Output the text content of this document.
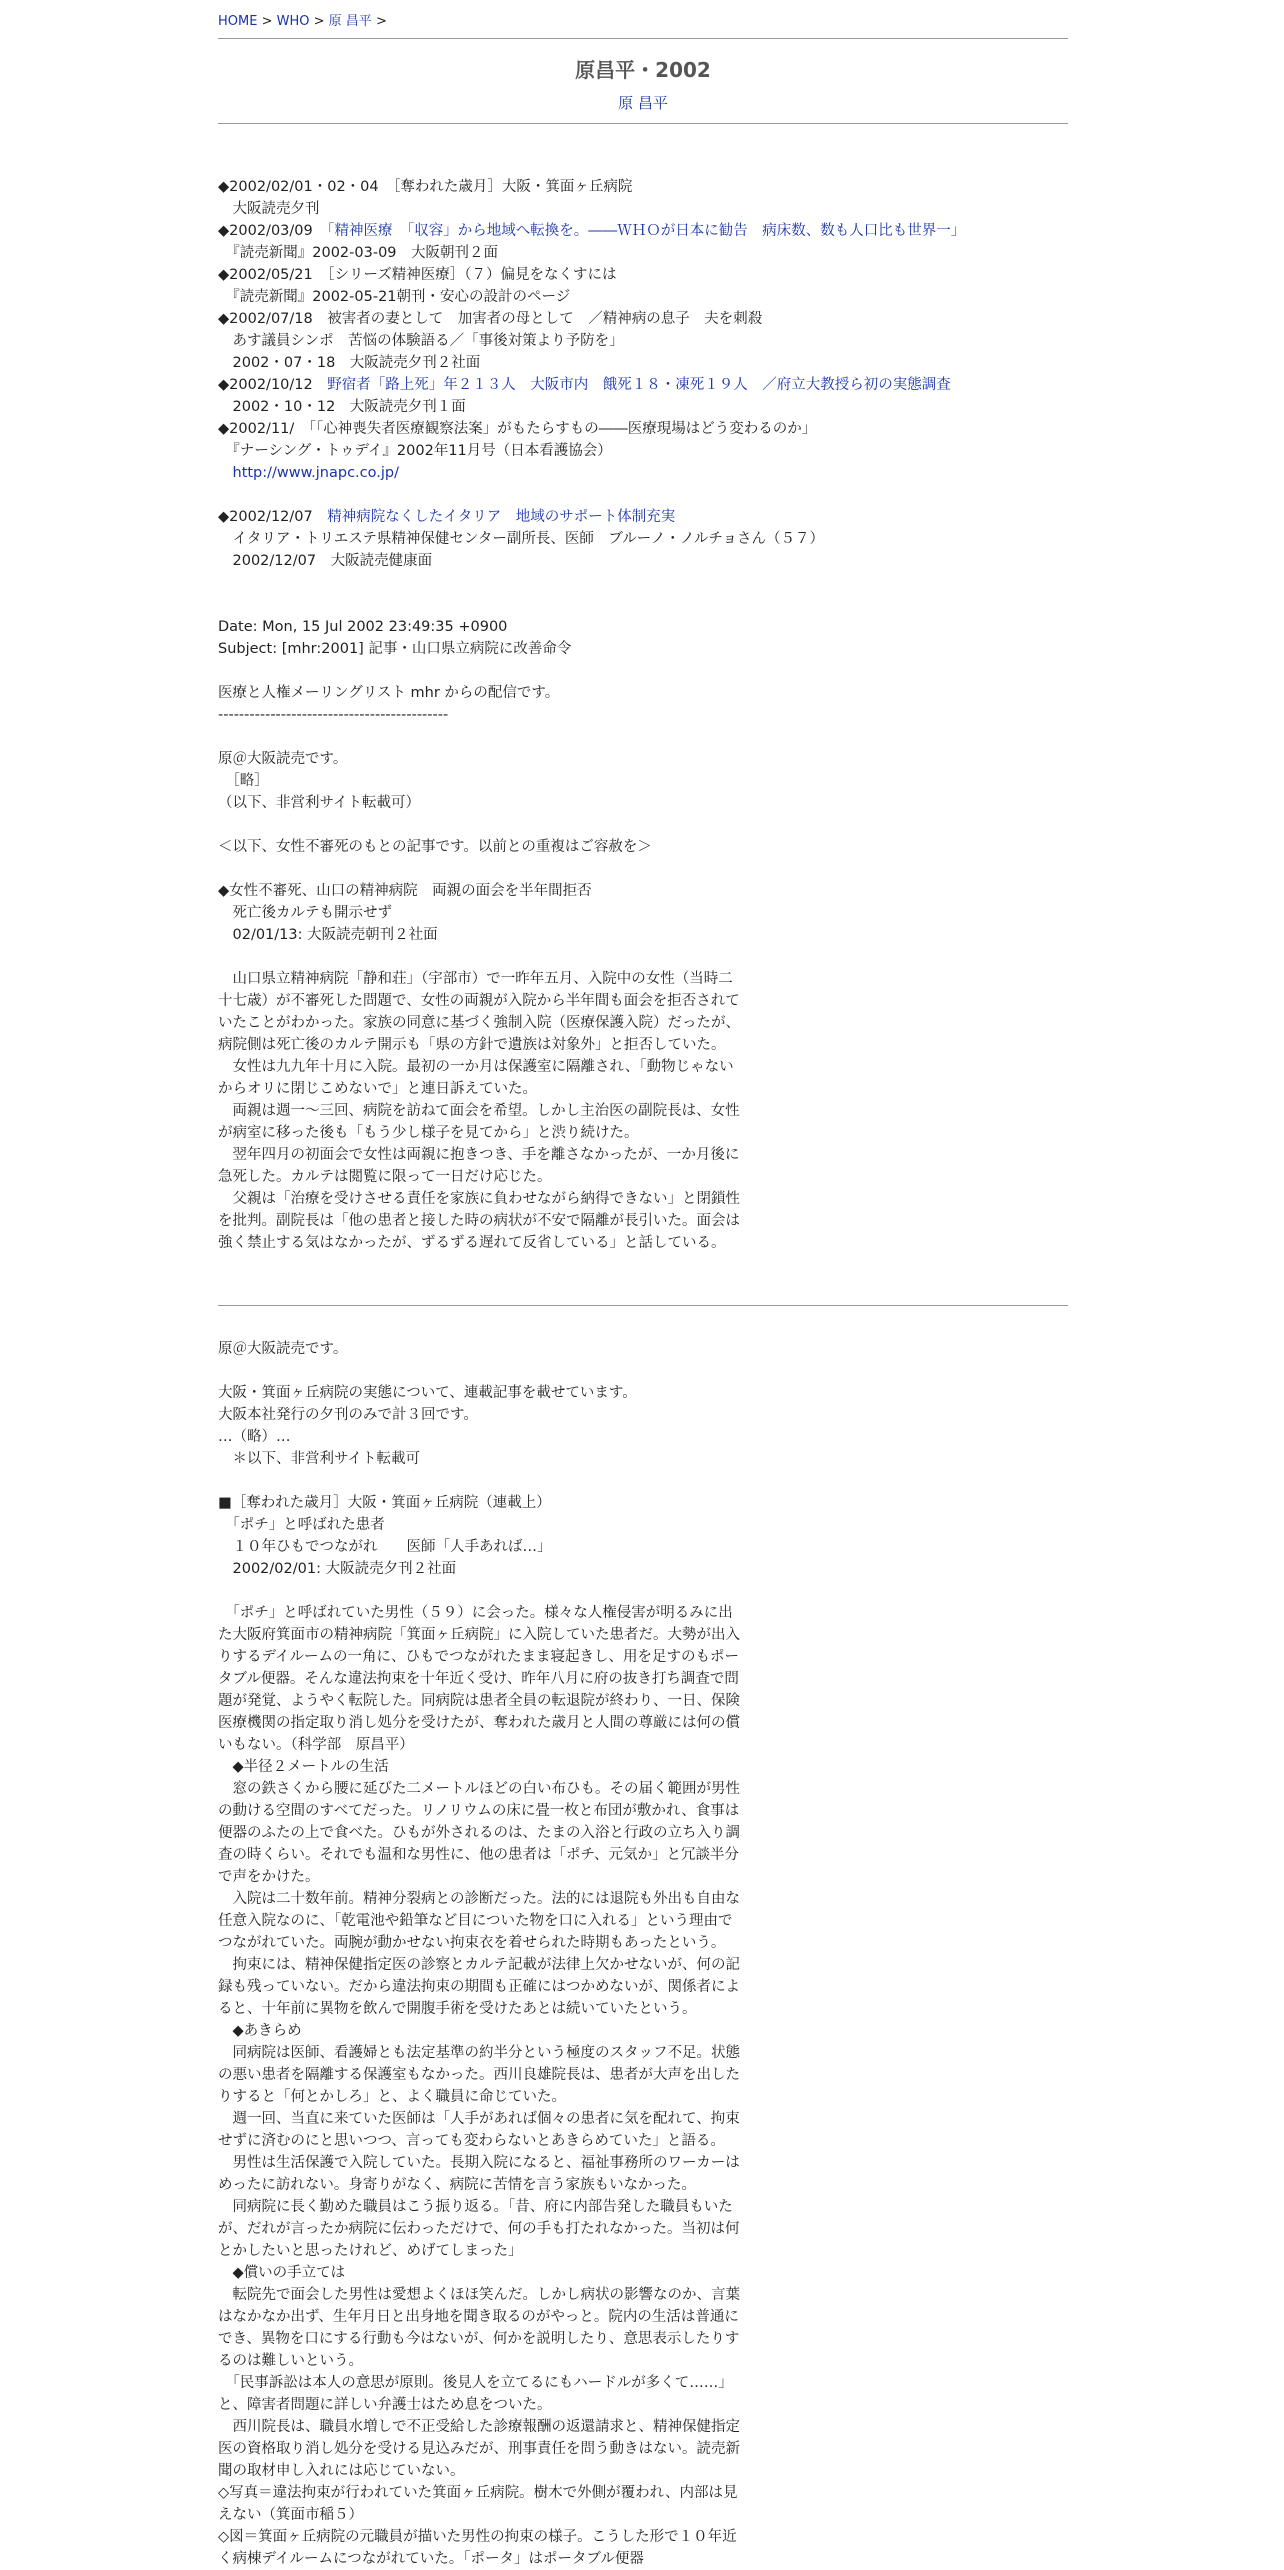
HOME > WHO > 原 昌平 >
原昌平・2002
原 昌平
◆2002/02/01・02・04　［奪われた歳月］大阪・箕面ヶ丘病院
　大阪読売夕刊
◆2002/03/09　「精神医療　「収容」から地域へ転換を。――ＷＨＯが日本に勧告　病床数、数も人口比も世界一」
　『読売新聞』2002-03-09　大阪朝刊２面
◆2002/05/21　［シリーズ精神医療］（７）偏見をなくすには
　『読売新聞』2002-05-21朝刊・安心の設計のページ
◆2002/07/18　被害者の妻として　加害者の母として　／精神病の息子　夫を刺殺
　あす議員シンポ　苦悩の体験語る／「事後対策より予防を」
　2002・07・18　大阪読売夕刊２社面
◆2002/10/12　野宿者「路上死」年２１３人　大阪市内　餓死１８・凍死１９人　／府立大教授ら初の実態調査
　2002・10・12　大阪読売夕刊１面
◆2002/11/　「「心神喪失者医療観察法案」がもたらすもの――医療現場はどう変わるのか」
　『ナーシング・トゥデイ』2002年11月号（日本看護協会）
　http://www.jnapc.co.jp/
◆2002/12/07　精神病院なくしたイタリア　地域のサポート体制充実
　イタリア・トリエステ県精神保健センター副所長、医師　ブルーノ・ノルチョさん（５７）
　2002/12/07　大阪読売健康面
Date: Mon, 15 Jul 2002 23:49:35 +0900
Subject: [mhr:2001] 記事・山口県立病院に改善命令
医療と人権メーリングリスト mhr からの配信です。
--------------------------------------------
原＠大阪読売です。
　［略］
（以下、非営利サイト転載可）
＜以下、女性不審死のもとの記事です。以前との重複はご容赦を＞
◆女性不審死、山口の精神病院　両親の面会を半年間拒否
　死亡後カルテも開示せず
　02/01/13: 大阪読売朝刊２社面
　山口県立精神病院「静和荘」（宇部市）で一昨年五月、入院中の女性（当時二
十七歳）が不審死した問題で、女性の両親が入院から半年間も面会を拒否されて
いたことがわかった。家族の同意に基づく強制入院（医療保護入院）だったが、
病院側は死亡後のカルテ開示も「県の方針で遺族は対象外」と拒否していた。
　女性は九九年十月に入院。最初の一か月は保護室に隔離され、「動物じゃない
からオリに閉じこめないで」と連日訴えていた。
　両親は週一～三回、病院を訪ねて面会を希望。しかし主治医の副院長は、女性
が病室に移った後も「もう少し様子を見てから」と渋り続けた。
　翌年四月の初面会で女性は両親に抱きつき、手を離さなかったが、一か月後に
急死した。カルテは閲覧に限って一日だけ応じた。
　父親は「治療を受けさせる責任を家族に負わせながら納得できない」と閉鎖性
を批判。副院長は「他の患者と接した時の病状が不安で隔離が長引いた。面会は
強く禁止する気はなかったが、ずるずる遅れて反省している」と話している。
原＠大阪読売です。
大阪・箕面ヶ丘病院の実態について、連載記事を載せています。
大阪本社発行の夕刊のみで計３回です。
…（略）…
　＊以下、非営利サイト転載可
■［奪われた歳月］大阪・箕面ヶ丘病院（連載上）
　「ポチ」と呼ばれた患者
　１０年ひもでつながれ　　医師「人手あれば…」
　2002/02/01: 大阪読売夕刊２社面
　「ポチ」と呼ばれていた男性（５９）に会った。様々な人権侵害が明るみに出
た大阪府箕面市の精神病院「箕面ヶ丘病院」に入院していた患者だ。大勢が出入
りするデイルームの一角に、ひもでつながれたまま寝起きし、用を足すのもポー
タブル便器。そんな違法拘束を十年近く受け、昨年八月に府の抜き打ち調査で問
題が発覚、ようやく転院した。同病院は患者全員の転退院が終わり、一日、保険
医療機関の指定取り消し処分を受けたが、奪われた歳月と人間の尊厳には何の償
いもない。（科学部　原昌平）
　◆半径２メートルの生活
　窓の鉄さくから腰に延びた二メートルほどの白い布ひも。その届く範囲が男性
の動ける空間のすべてだった。リノリウムの床に畳一枚と布団が敷かれ、食事は
便器のふたの上で食べた。ひもが外されるのは、たまの入浴と行政の立ち入り調
査の時くらい。それでも温和な男性に、他の患者は「ポチ、元気か」と冗談半分
で声をかけた。
　入院は二十数年前。精神分裂病との診断だった。法的には退院も外出も自由な
任意入院なのに、「乾電池や鉛筆など目についた物を口に入れる」という理由で
つながれていた。両腕が動かせない拘束衣を着せられた時期もあったという。
　拘束には、精神保健指定医の診察とカルテ記載が法律上欠かせないが、何の記
録も残っていない。だから違法拘束の期間も正確にはつかめないが、関係者によ
ると、十年前に異物を飲んで開腹手術を受けたあとは続いていたという。
　◆あきらめ
　同病院は医師、看護婦とも法定基準の約半分という極度のスタッフ不足。状態
の悪い患者を隔離する保護室もなかった。西川良雄院長は、患者が大声を出した
りすると「何とかしろ」と、よく職員に命じていた。
　週一回、当直に来ていた医師は「人手があれば個々の患者に気を配れて、拘束
せずに済むのにと思いつつ、言っても変わらないとあきらめていた」と語る。
　男性は生活保護で入院していた。長期入院になると、福祉事務所のワーカーは
めったに訪れない。身寄りがなく、病院に苦情を言う家族もいなかった。
　同病院に長く勤めた職員はこう振り返る。「昔、府に内部告発した職員もいた
が、だれが言ったか病院に伝わっただけで、何の手も打たれなかった。当初は何
とかしたいと思ったけれど、めげてしまった」
　◆償いの手立ては
　転院先で面会した男性は愛想よくほほ笑んだ。しかし病状の影響なのか、言葉
はなかなか出ず、生年月日と出身地を聞き取るのがやっと。院内の生活は普通に
でき、異物を口にする行動も今はないが、何かを説明したり、意思表示したりす
るのは難しいという。
　「民事訴訟は本人の意思が原則。後見人を立てるにもハードルが多くて……」
と、障害者問題に詳しい弁護士はため息をついた。
　西川院長は、職員水増しで不正受給した診療報酬の返還請求と、精神保健指定
医の資格取り消し処分を受ける見込みだが、刑事責任を問う動きはない。読売新
聞の取材申し入れには応じていない。
◇写真＝違法拘束が行われていた箕面ヶ丘病院。樹木で外側が覆われ、内部は見
えない（箕面市稲５）
◇図＝箕面ヶ丘病院の元職員が描いた男性の拘束の様子。こうした形で１０年近
く病棟デイルームにつながれていた。「ポータ」はポータブル便器
